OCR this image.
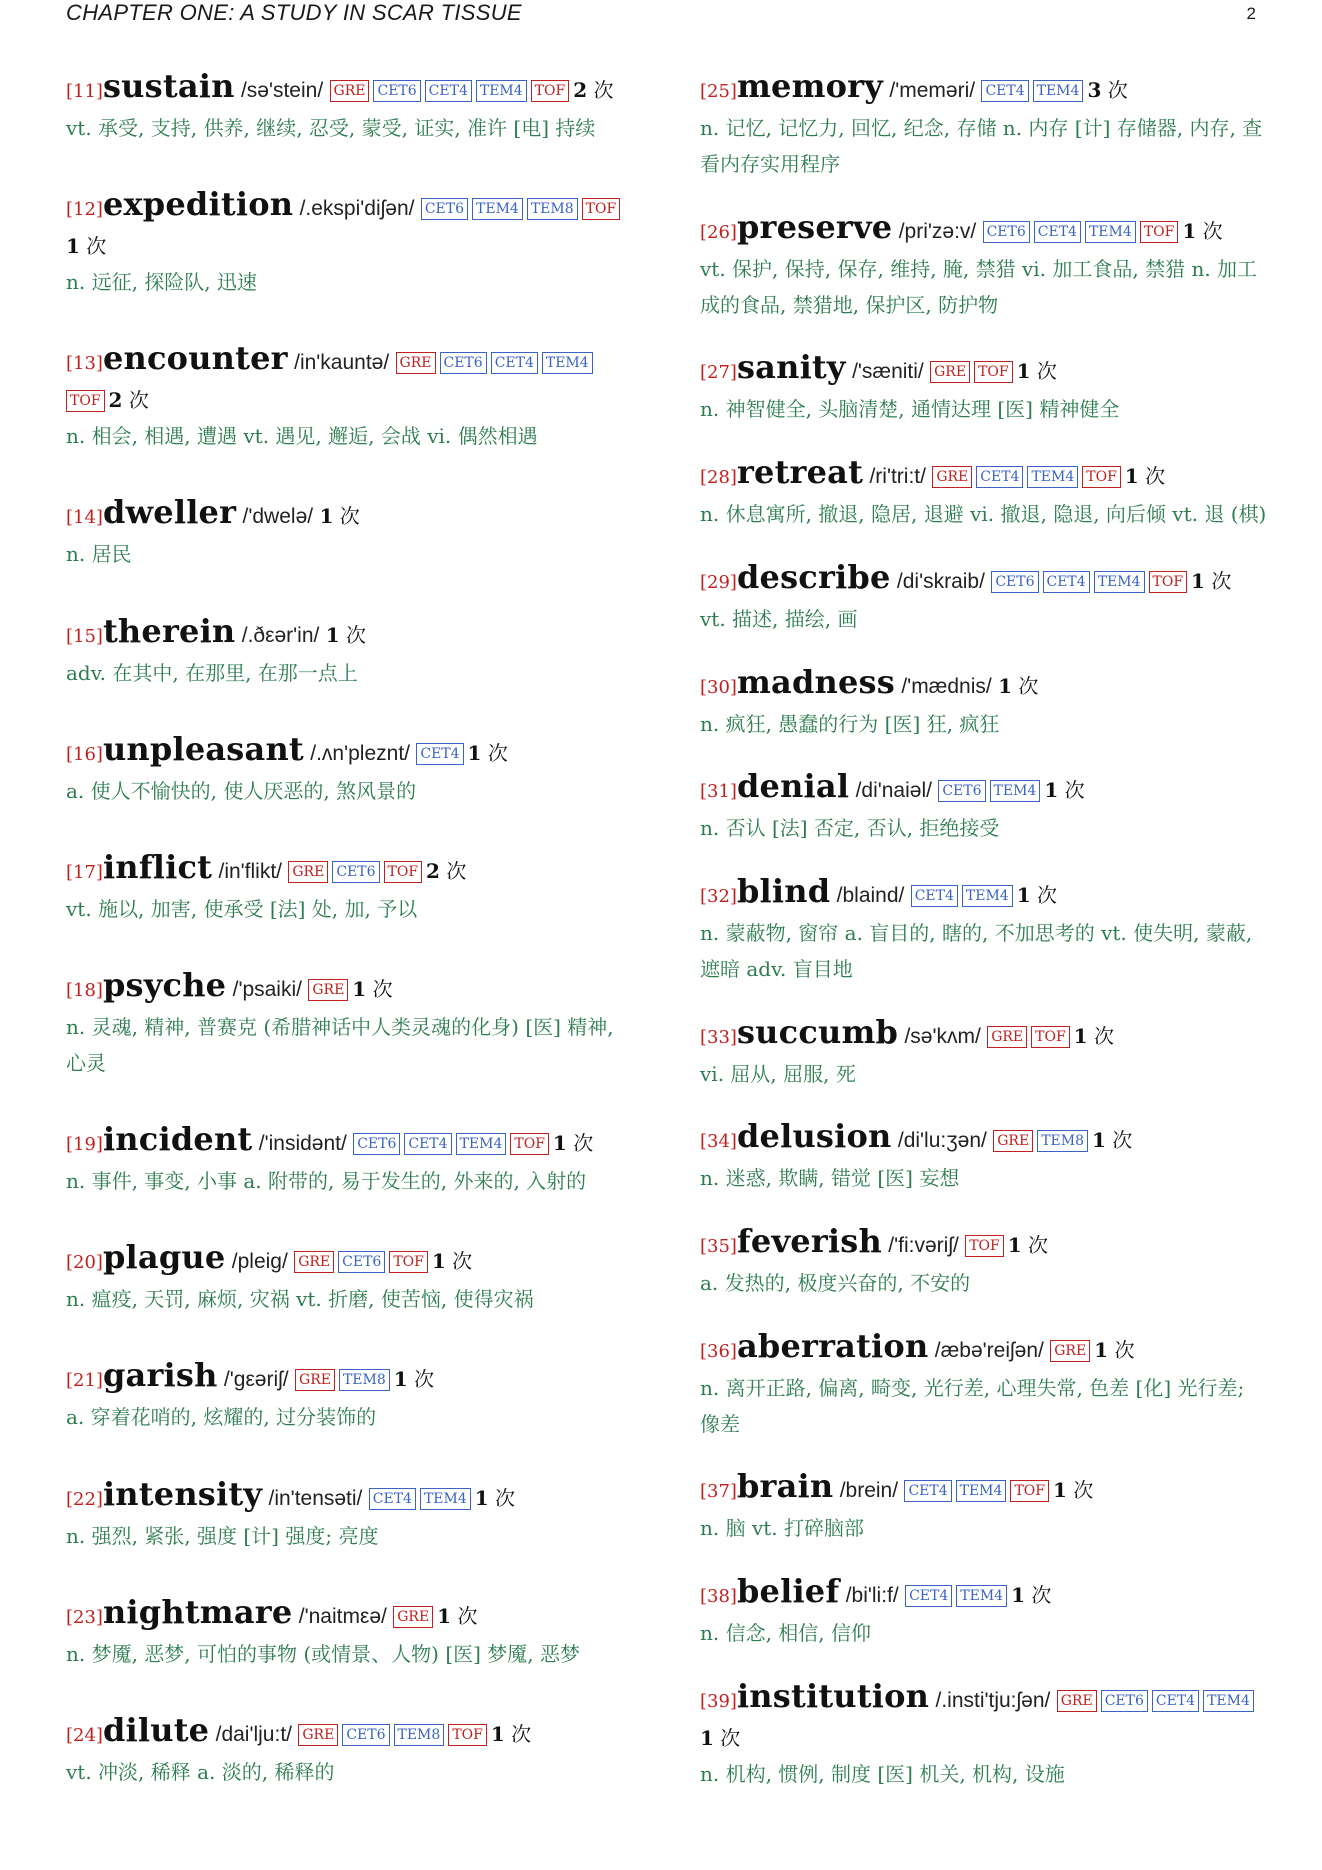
CHAPTER ONE: A STUDY IN SCAR TISSUE	2
[11]sustain /sə'stein/ GRE CET6 CET4 TEM4 TOF 2 次
vt. 承受, 支持, 供养, 继续, 忍受, 蒙受, 证实, 准许 [电] 持续
[12]expedition /.ekspi'diʃən/ CET6 TEM4 TEM8 TOF1 次
n. 远征, 探险队, 迅速
[13]encounter /in'kauntə/ GRE CET6 CET4 TEM4TOF 2 次
n. 相会, 相遇, 遭遇 vt. 遇见, 邂逅, 会战 vi. 偶然相遇
[14]dweller /'dwelə/ 1 次
n. 居民
[15]therein /.ðεər'in/ 1 次
adv. 在其中, 在那里, 在那一点上
[16]unpleasant /.ʌn'pleznt/ CET4 1 次
a. 使人不愉快的, 使人厌恶的, 煞风景的
[17]inflict /in'flikt/ GRE CET6 TOF 2 次
vt. 施以, 加害, 使承受 [法] 处, 加, 予以
[18]psyche /'psaiki/ GRE 1 次
n. 灵魂, 精神, 普赛克 (希腊神话中人类灵魂的化身) [医] 精神, 心灵
[19]incident /'insidənt/ CET6 CET4 TEM4 TOF 1 次
n. 事件, 事变, 小事 a. 附带的, 易于发生的, 外来的, 入射的
[20]plague /pleig/ GRE CET6 TOF 1 次
n. 瘟疫, 天罚, 麻烦, 灾祸 vt. 折磨, 使苦恼, 使得灾祸
[21]garish /'gεəriʃ/ GRE TEM8 1 次
a. 穿着花哨的, 炫耀的, 过分装饰的
[22]intensity /in'tensəti/ CET4 TEM4 1 次
n. 强烈, 紧张, 强度 [计] 强度; 亮度
[23]nightmare /'naitmεə/ GRE 1 次
n. 梦魇, 恶梦, 可怕的事物 (或情景、人物) [医] 梦魇, 恶梦
[24]dilute /dai'lju:t/ GRE CET6 TEM8 TOF 1 次
vt. 冲淡, 稀释 a. 淡的, 稀释的
[25]memory /'meməri/ CET4 TEM4 3 次
n. 记忆, 记忆力, 回忆, 纪念, 存储 n. 内存 [计] 存储器, 内存, 查看内存实用程序
[26]preserve /pri'zə:v/ CET6 CET4 TEM4 TOF 1 次
vt. 保护, 保持, 保存, 维持, 腌, 禁猎 vi. 加工食品, 禁猎 n. 加工成的食品, 禁猎地, 保护区, 防护物
[27]sanity /'sæniti/ GRE TOF 1 次
n. 神智健全, 头脑清楚, 通情达理 [医] 精神健全
[28]retreat /ri'tri:t/ GRE CET4 TEM4 TOF 1 次
n. 休息寓所, 撤退, 隐居, 退避 vi. 撤退, 隐退, 向后倾 vt. 退 (棋)
[29]describe /di'skraib/ CET6 CET4 TEM4 TOF 1 次
vt. 描述, 描绘, 画
[30]madness /'mædnis/ 1 次
n. 疯狂, 愚蠢的行为 [医] 狂, 疯狂
[31]denial /di'naiəl/ CET6 TEM4 1 次
n. 否认 [法] 否定, 否认, 拒绝接受
[32]blind /blaind/ CET4 TEM4 1 次
n. 蒙蔽物, 窗帘 a. 盲目的, 瞎的, 不加思考的 vt. 使失明, 蒙蔽, 遮暗 adv. 盲目地
[33]succumb /sə'kʌm/ GRE TOF 1 次
vi. 屈从, 屈服, 死
[34]delusion /di'lu:ʒən/ GRE TEM8 1 次
n. 迷惑, 欺瞒, 错觉 [医] 妄想
[35]feverish /'fi:vəriʃ/ TOF 1 次
a. 发热的, 极度兴奋的, 不安的
[36]aberration /æbə'reiʃən/ GRE 1 次
n. 离开正路, 偏离, 畸变, 光行差, 心理失常, 色差 [化] 光行差; 像差
[37]brain /brein/ CET4 TEM4 TOF 1 次
n. 脑 vt. 打碎脑部
[38]belief /bi'li:f/ CET4 TEM4 1 次
n. 信念, 相信, 信仰
[39]institution /.insti'tju:ʃən/ GRE CET6 CET4 TEM41 次
n. 机构, 惯例, 制度 [医] 机关, 机构, 设施
